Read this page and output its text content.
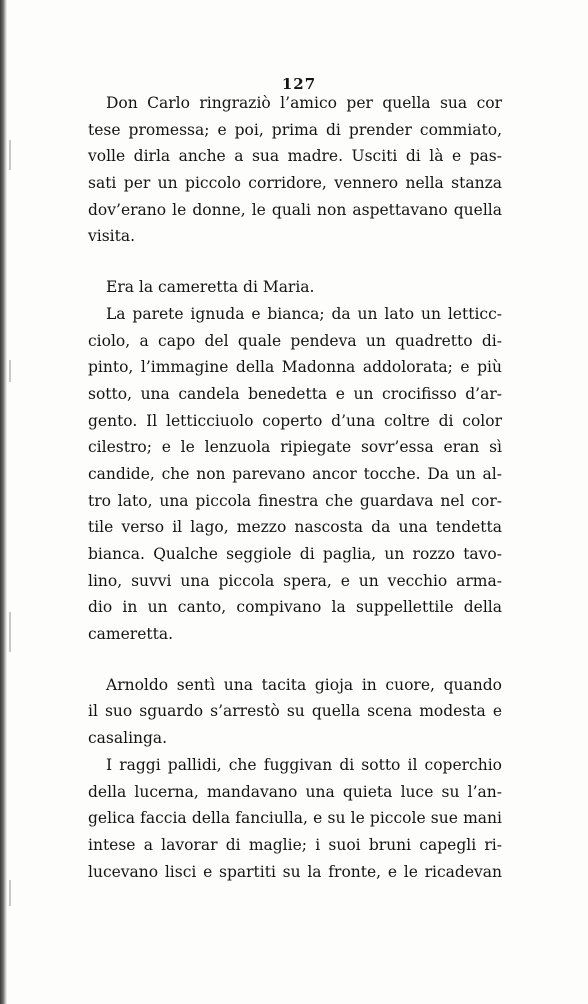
127

Don Carlo ringraziò l’amico per quella sua cor
tese promessa; e poi, prima di prender commiato,
volle dirla anche a sua madre. Usciti di là e pas-
sati per un piccolo corridore, vennero nella stanza
dov’erano le donne, le quali non aspettavano quella
visita.

Era la cameretta di Maria.

La parete ignuda e bianca; da un lato un letticc-
ciolo, a capo del quale pendeva un quadretto di-
pinto, l’immagine della Madonna addolorata; e più
sotto, una candela benedetta e un crocifisso d’ar-
gento. Il letticciuolo coperto d’una coltre di color
cilestro; e le lenzuola ripiegate sovr’essa eran sì
candide, che non parevano ancor tocche. Da un al-
tro lato, una piccola finestra che guardava nel cor-
tile verso il lago, mezzo nascosta da una tendetta
bianca. Qualche seggiole di paglia, un rozzo tavo-
lino, suvvi una piccola spera, e un vecchio arma-
dio in un canto, compivano la suppellettile della
cameretta.

Arnoldo sentì una tacita gioja in cuore, quando
il suo sguardo s’arrestò su quella scena modesta e
casalinga.

I raggi pallidi, che fuggivan di sotto il coperchio
della lucerna, mandavano una quieta luce su l’an-
gelica faccia della fanciulla, e su le piccole sue mani
intese a lavorar di maglie; i suoi bruni capegli ri-
lucevano lisci e spartiti su la fronte, e le ricadevan
